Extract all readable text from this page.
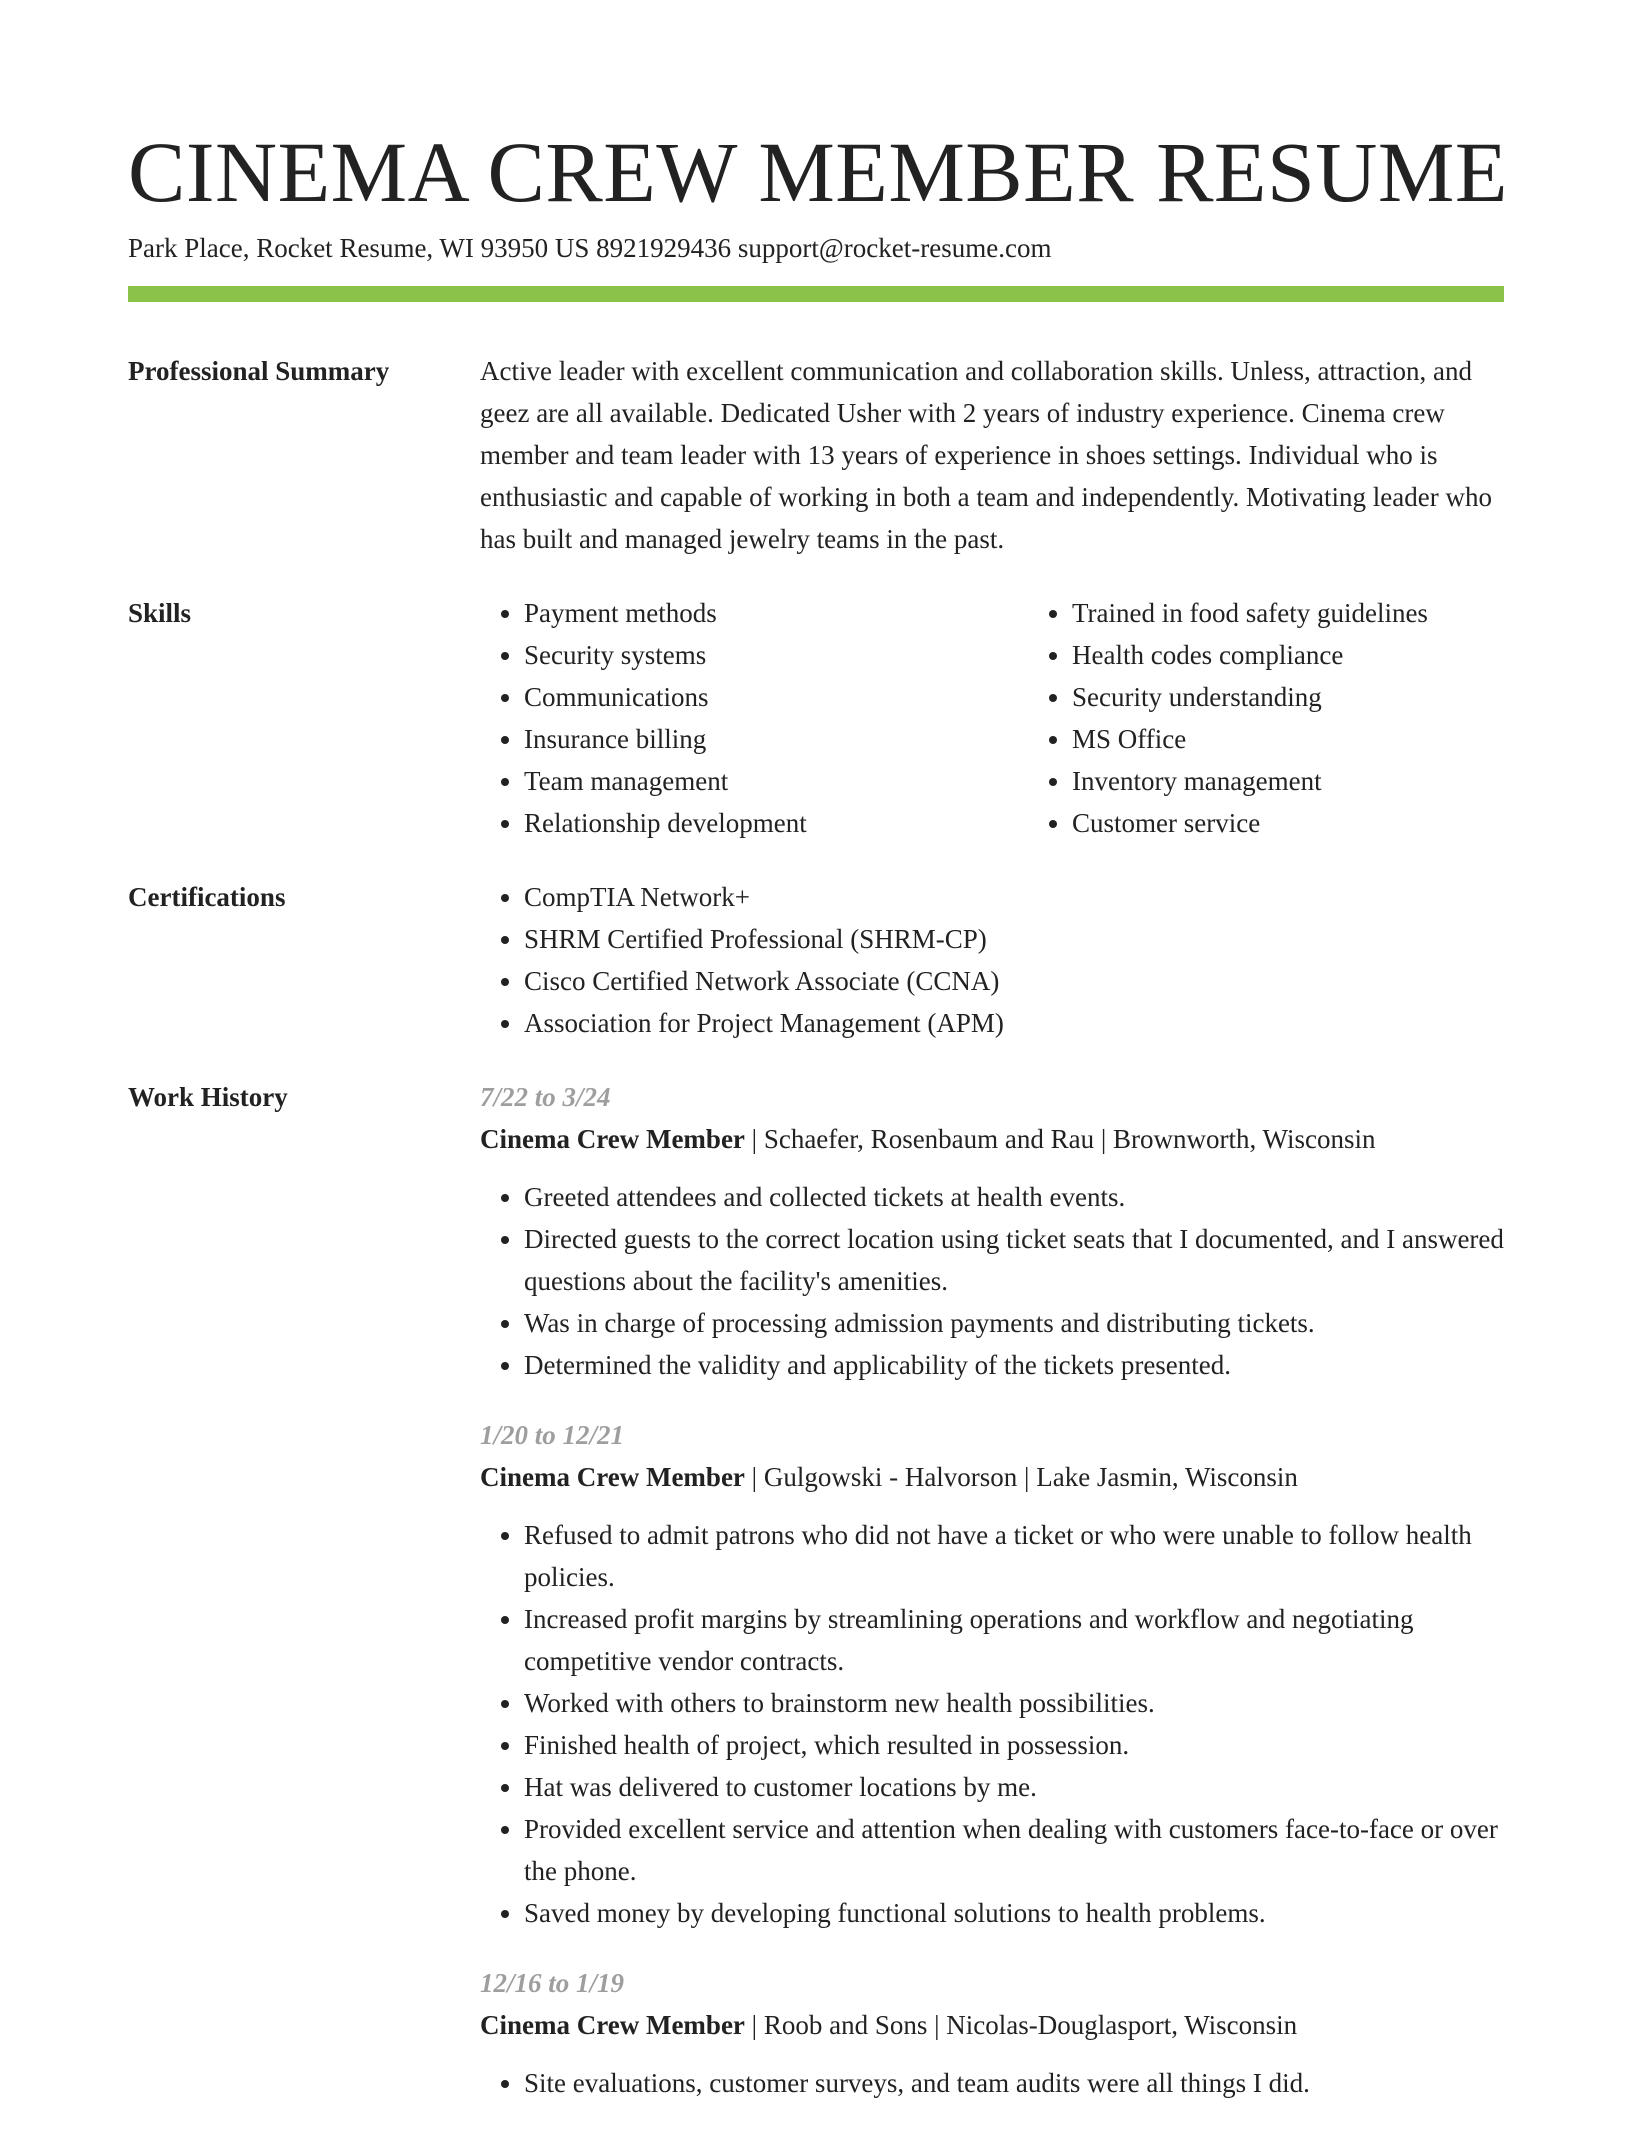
CINEMA CREW MEMBER RESUME
Park Place, Rocket Resume, WI 93950 US 8921929436 support@rocket-resume.com
Professional Summary	Active leader with excellent communication and collaboration skills. Unless, attraction, and geez are all available. Dedicated Usher with 2 years of industry experience. Cinema crew member and team leader with 13 years of experience in shoes settings. Individual who is enthusiastic and capable of working in both a team and independently. Motivating leader who has built and managed jewelry teams in the past.

Skills	• Payment methods
• Security systems
• Communications
• Insurance billing
• Team management
• Relationship development
• Trained in food safety guidelines
• Health codes compliance
• Security understanding
• MS Office
• Inventory management
• Customer service
Certifications	• CompTIA Network+
• SHRM Certified Professional (SHRM-CP)
• Cisco Certified Network Associate (CCNA)
• Association for Project Management (APM)
Work History	7/22 to 3/24
Cinema Crew Member | Schaefer, Rosenbaum and Rau | Brownworth, Wisconsin
• Greeted attendees and collected tickets at health events.
• Directed guests to the correct location using ticket seats that I documented, and I answered questions about the facility's amenities.
• Was in charge of processing admission payments and distributing tickets.
• Determined the validity and applicability of the tickets presented.
1/20 to 12/21
Cinema Crew Member | Gulgowski - Halvorson | Lake Jasmin, Wisconsin
• Refused to admit patrons who did not have a ticket or who were unable to follow health policies.
• Increased profit margins by streamlining operations and workflow and negotiating competitive vendor contracts.
• Worked with others to brainstorm new health possibilities.
• Finished health of project, which resulted in possession.
• Hat was delivered to customer locations by me.
• Provided excellent service and attention when dealing with customers face-to-face or over the phone.
• Saved money by developing functional solutions to health problems.
12/16 to 1/19
Cinema Crew Member | Roob and Sons | Nicolas-Douglasport, Wisconsin
• Site evaluations, customer surveys, and team audits were all things I did.
